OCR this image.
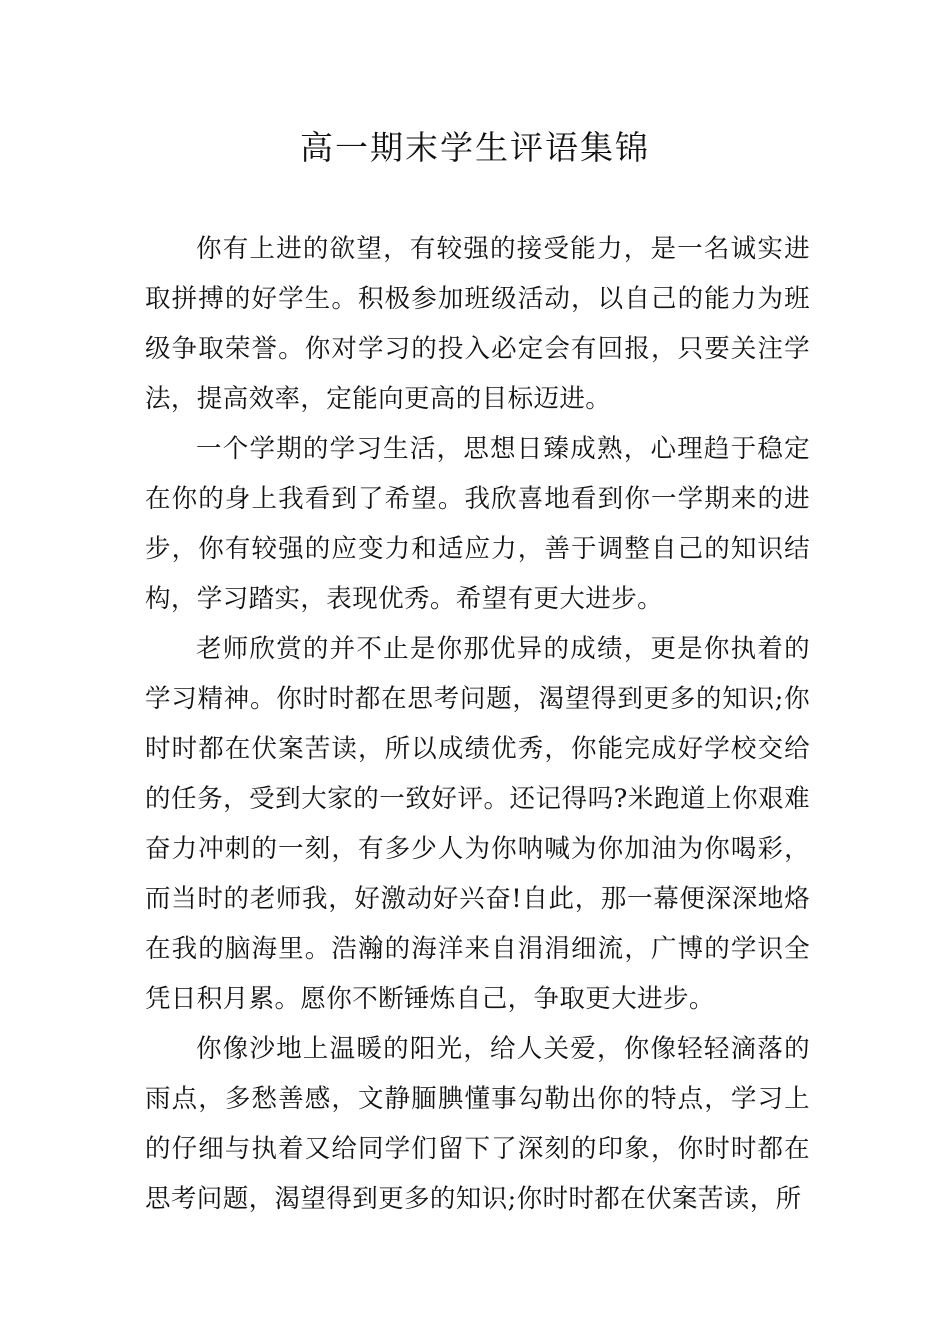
高一期末学生评语集锦

你有上进的欲望，有较强的接受能力，是一名诚实进取拼搏的好学生。积极参加班级活动，以自己的能力为班级争取荣誉。你对学习的投入必定会有回报，只要关注学法，提高效率，定能向更高的目标迈进。

一个学期的学习生活，思想日臻成熟，心理趋于稳定在你的身上我看到了希望。我欣喜地看到你一学期来的进步，你有较强的应变力和适应力，善于调整自己的知识结构，学习踏实，表现优秀。希望有更大进步。

老师欣赏的并不止是你那优异的成绩，更是你执着的学习精神。你时时都在思考问题，渴望得到更多的知识;你时时都在伏案苦读，所以成绩优秀，你能完成好学校交给的任务，受到大家的一致好评。还记得吗?米跑道上你艰难奋力冲刺的一刻，有多少人为你呐喊为你加油为你喝彩，而当时的老师我，好激动好兴奋!自此，那一幕便深深地烙在我的脑海里。浩瀚的海洋来自涓涓细流，广博的学识全凭日积月累。愿你不断锤炼自己，争取更大进步。

你像沙地上温暖的阳光，给人关爱，你像轻轻滴落的雨点，多愁善感，文静腼腆懂事勾勒出你的特点，学习上的仔细与执着又给同学们留下了深刻的印象，你时时都在思考问题，渴望得到更多的知识;你时时都在伏案苦读，所
